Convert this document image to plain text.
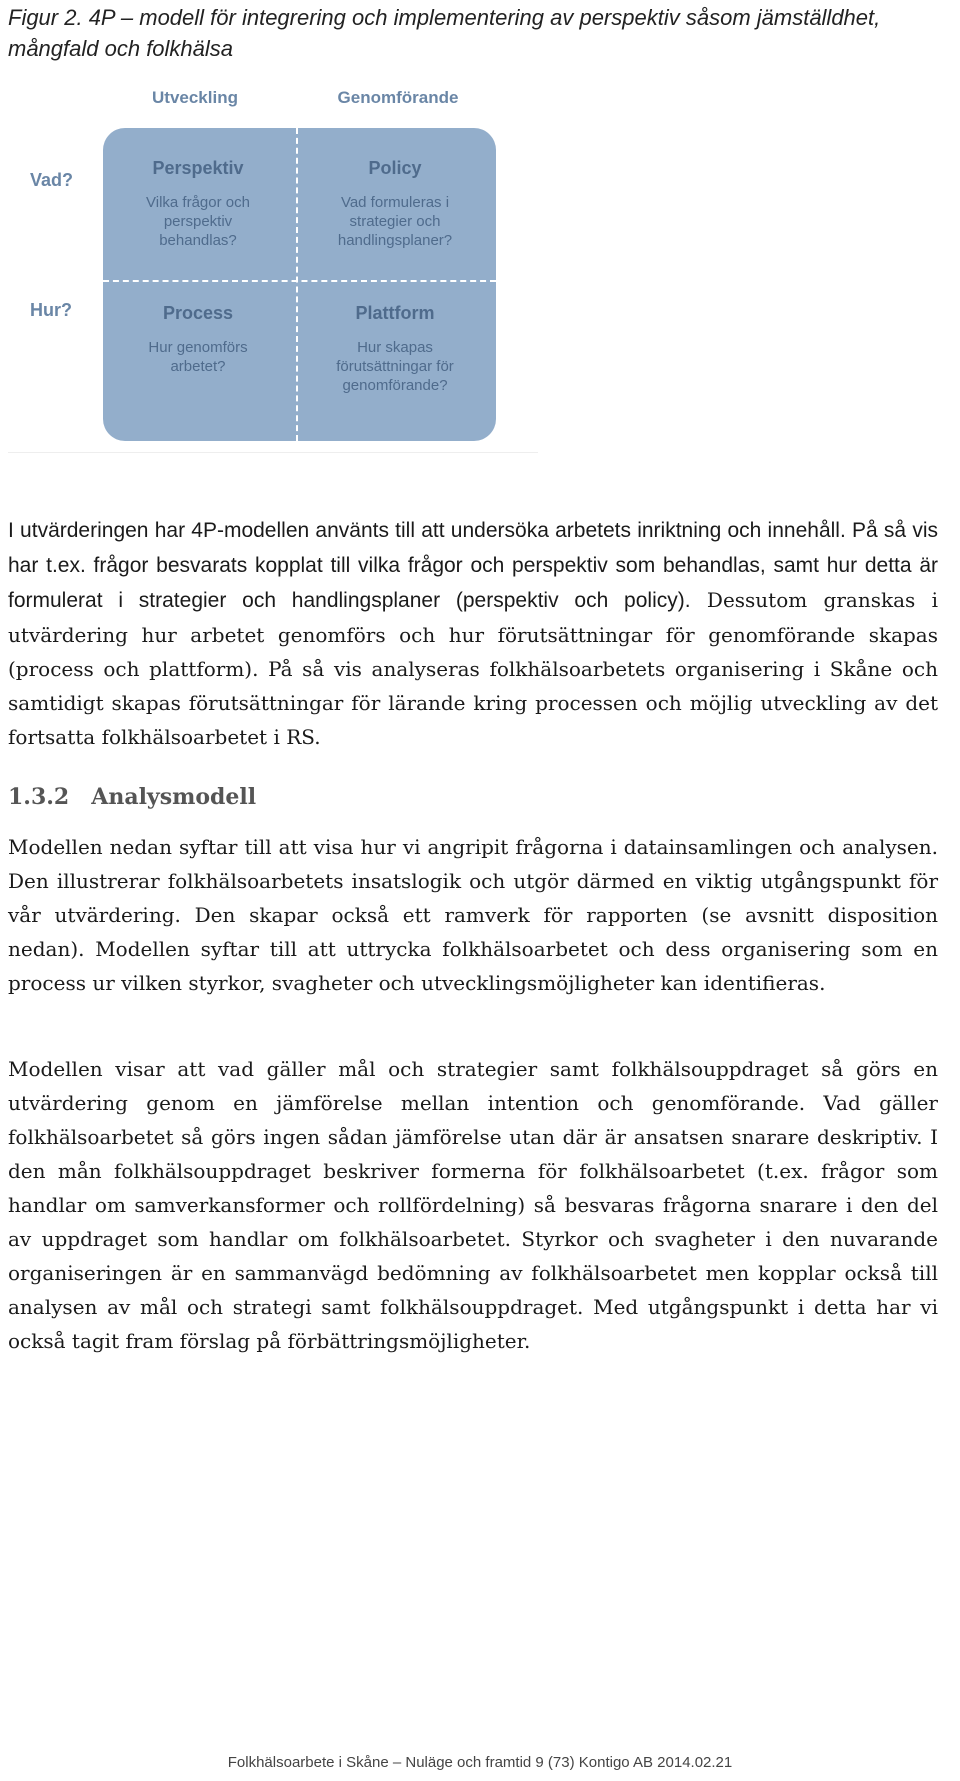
Figur 2. 4P – modell för integrering och implementering av perspektiv såsom jämställdhet, mångfald och folkhälsa
Utveckling	Genomförande
Vad?
Hur?
Perspektiv
Vilka frågor och perspektiv behandlas?
Policy
Vad formuleras i strategier och handlingsplaner?
Process
Hur genomförs arbetet?
Plattform
Hur skapas förutsättningar för genomförande?
I utvärderingen har 4P-modellen använts till att undersöka arbetets inriktning och innehåll. På så vis har t.ex. frågor besvarats kopplat till vilka frågor och perspektiv som behandlas, samt hur detta är formulerat i strategier och handlingsplaner (perspektiv och policy). Dessutom granskas i utvärdering hur arbetet genomförs och hur förutsättningar för genomförande skapas (process och plattform). På så vis analyseras folkhälsoarbetets organisering i Skåne och samtidigt skapas förutsättningar för lärande kring processen och möjlig utveckling av det fortsatta folkhälsoarbetet i RS.
1.3.2 Analysmodell
Modellen nedan syftar till att visa hur vi angripit frågorna i datainsamlingen och analysen. Den illustrerar folkhälsoarbetets insatslogik och utgör därmed en viktig utgångspunkt för vår utvärdering. Den skapar också ett ramverk för rapporten (se avsnitt disposition nedan). Modellen syftar till att uttrycka folkhälsoarbetet och dess organisering som en process ur vilken styrkor, svagheter och utvecklingsmöjligheter kan identifieras.
Modellen visar att vad gäller mål och strategier samt folkhälsouppdraget så görs en utvärdering genom en jämförelse mellan intention och genomförande. Vad gäller folkhälsoarbetet så görs ingen sådan jämförelse utan där är ansatsen snarare deskriptiv. I den mån folkhälsouppdraget beskriver formerna för folkhälsoarbetet (t.ex. frågor som handlar om samverkansformer och rollfördelning) så besvaras frågorna snarare i den del av uppdraget som handlar om folkhälsoarbetet. Styrkor och svagheter i den nuvarande organiseringen är en sammanvägd bedömning av folkhälsoarbetet men kopplar också till analysen av mål och strategi samt folkhälsouppdraget. Med utgångspunkt i detta har vi också tagit fram förslag på förbättringsmöjligheter.
Folkhälsoarbete i Skåne – Nuläge och framtid 9 (73) Kontigo AB 2014.02.21
